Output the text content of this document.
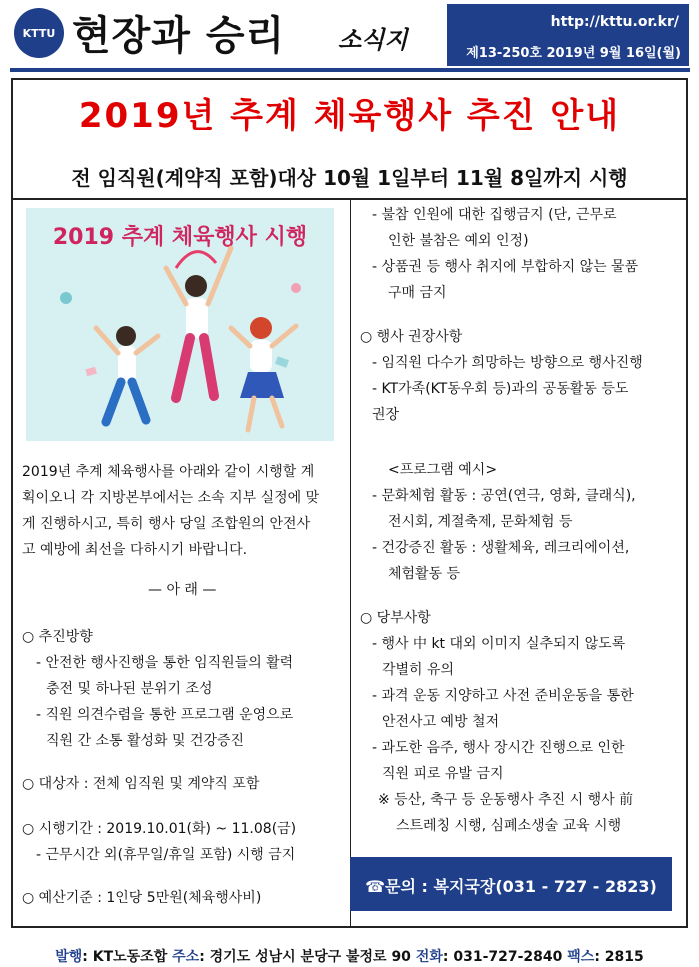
KTTU 현장과 승리 소식지
http://kttu.or.kr/
제13-250호 2019년 9월 16일(월)
2019년 추계 체육행사 추진 안내
전 임직원(계약직 포함)대상 10월 1일부터 11월 8일까지 시행
2019 추계 체육행사 시행
2019년 추계 체육행사를 아래와 같이 시행할 계
획이오니 각 지방본부에서는 소속 지부 실정에 맞
게 진행하시고, 특히 행사 당일 조합원의 안전사
고 예방에 최선을 다하시기 바랍니다.
— 아 래 —
○ 추진방향
- 안전한 행사진행을 통한 임직원들의 활력
충전 및 하나된 분위기 조성
- 직원 의견수렴을 통한 프로그램 운영으로
직원 간 소통 활성화 및 건강증진
○ 대상자 : 전체 임직원 및 계약직 포함
○ 시행기간 : 2019.10.01(화) ~ 11.08(금)
- 근무시간 외(휴무일/휴일 포함) 시행 금지
○ 예산기준 : 1인당 5만원(체육행사비)
- 불참 인원에 대한 집행금지 (단, 근무로
인한 불참은 예외 인정)
- 상품권 등 행사 취지에 부합하지 않는 물품
구매 금지
○ 행사 권장사항
- 임직원 다수가 희망하는 방향으로 행사진행
- KT가족(KT동우회 등)과의 공동활동 등도
권장
<프로그램 예시>
- 문화체험 활동 : 공연(연극, 영화, 클래식),
전시회, 계절축제, 문화체험 등
- 건강증진 활동 : 생활체육, 레크리에이션,
체험활동 등
○ 당부사항
- 행사 中 kt 대외 이미지 실추되지 않도록
각별히 유의
- 과격 운동 지양하고 사전 준비운동을 통한
안전사고 예방 철저
- 과도한 음주, 행사 장시간 진행으로 인한
직원 피로 유발 금지
※ 등산, 축구 등 운동행사 추진 시 행사 前
스트레칭 시행, 심폐소생술 교육 시행
☎문의 : 복지국장(031 - 727 - 2823)
발행: KT노동조합 주소: 경기도 성남시 분당구 불정로 90 전화: 031-727-2840 팩스: 2815
